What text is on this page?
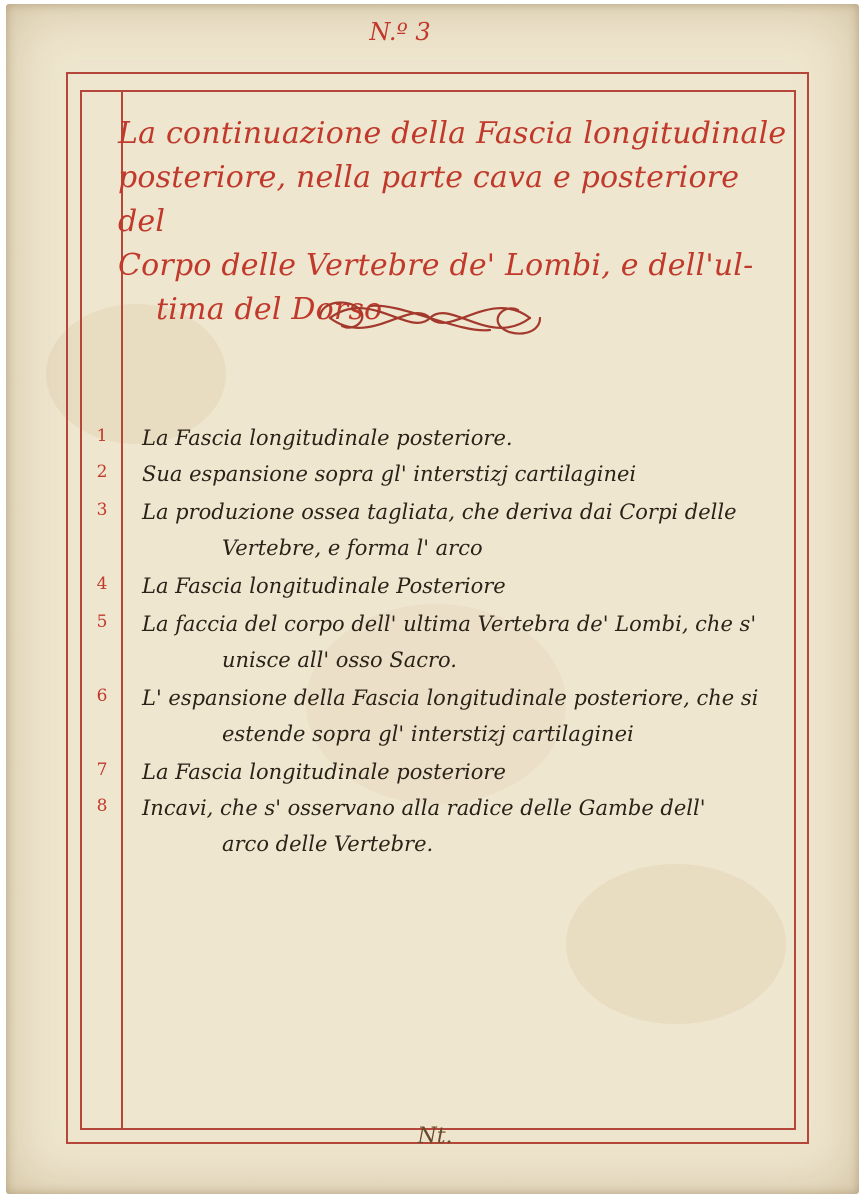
N.º 3
La continuazione della Fascia longitudinale
posteriore, nella parte cava e posteriore del
Corpo delle Vertebre de' Lombi, e dell'ul-
tima del Dorso
1	La Fascia longitudinale posteriore.
2	Sua espansione sopra gl' interstizj cartilaginei
3	La produzione ossea tagliata, che deriva dai Corpi delle
Vertebre, e forma l' arco
4	La Fascia longitudinale Posteriore
5	La faccia del corpo dell' ultima Vertebra de' Lombi, che s'
unisce all' osso Sacro.
6	L' espansione della Fascia longitudinale posteriore, che si
estende sopra gl' interstizj cartilaginei
7	La Fascia longitudinale posteriore
8	Incavi, che s' osservano alla radice delle Gambe dell'
arco delle Vertebre.
Nt.
